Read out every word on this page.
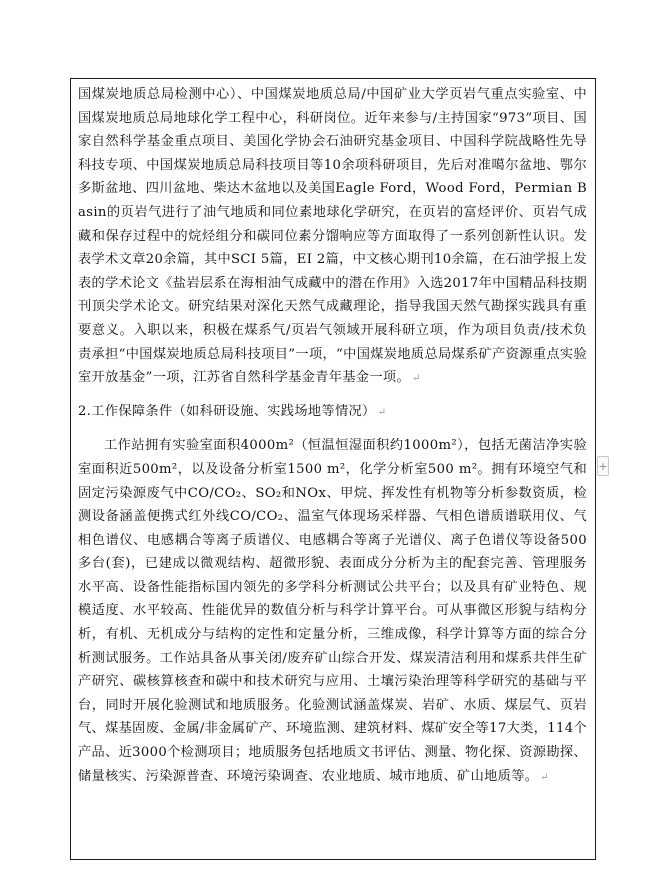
国煤炭地质总局检测中心）、中国煤炭地质总局/中国矿业大学页岩气重点实验室、中国煤炭地质总局地球化学工程中心，科研岗位。近年来参与/主持国家“973”项目、国家自然科学基金重点项目、美国化学协会石油研究基金项目、中国科学院战略性先导科技专项、中国煤炭地质总局科技项目等10余项科研项目，先后对准噶尔盆地、鄂尔多斯盆地、四川盆地、柴达木盆地以及美国Eagle Ford，Wood Ford，Permian Basin的页岩气进行了油气地质和同位素地球化学研究，在页岩的富烃评价、页岩气成藏和保存过程中的烷烃组分和碳同位素分馏响应等方面取得了一系列创新性认识。发表学术文章20余篇，其中SCI 5篇，EI 2篇，中文核心期刊10余篇，在石油学报上发表的学术论文《盐岩层系在海相油气成藏中的潜在作用》入选2017年中国精品科技期刊顶尖学术论文。研究结果对深化天然气成藏理论，指导我国天然气勘探实践具有重要意义。入职以来，积极在煤系气/页岩气领域开展科研立项，作为项目负责/技术负责承担“中国煤炭地质总局科技项目”一项，“中国煤炭地质总局煤系矿产资源重点实验室开放基金”一项，江苏省自然科学基金青年基金一项。 ↵

2.工作保障条件（如科研设施、实践场地等情况） ↵

工作站拥有实验室面积4000m²（恒温恒湿面积约1000m²），包括无菌洁净实验室面积近500m²，以及设备分析室1500 m²，化学分析室500 m²。拥有环境空气和固定污染源废气中CO/CO₂、SO₂和NOx、甲烷、挥发性有机物等分析参数资质，检测设备涵盖便携式红外线CO/CO₂、温室气体现场采样器、气相色谱质谱联用仪、气相色谱仪、电感耦合等离子质谱仪、电感耦合等离子光谱仪、离子色谱仪等设备500多台(套)，已建成以微观结构、超微形貌、表面成分分析为主的配套完善、管理服务水平高、设备性能指标国内领先的多学科分析测试公共平台；以及具有矿业特色、规模适度、水平较高、性能优异的数值分析与科学计算平台。可从事微区形貌与结构分析，有机、无机成分与结构的定性和定量分析，三维成像，科学计算等方面的综合分析测试服务。工作站具备从事关闭/废弃矿山综合开发、煤炭清洁利用和煤系共伴生矿产研究、碳核算核查和碳中和技术研究与应用、土壤污染治理等科学研究的基础与平台，同时开展化验测试和地质服务。化验测试涵盖煤炭、岩矿、水质、煤层气、页岩气、煤基固废、金属/非金属矿产、环境监测、建筑材料、煤矿安全等17大类，114个产品、近3000个检测项目；地质服务包括地质文书评估、测量、物化探、资源勘探、储量核实、污染源普查、环境污染调查、农业地质、城市地质、矿山地质等。 ↵

+
